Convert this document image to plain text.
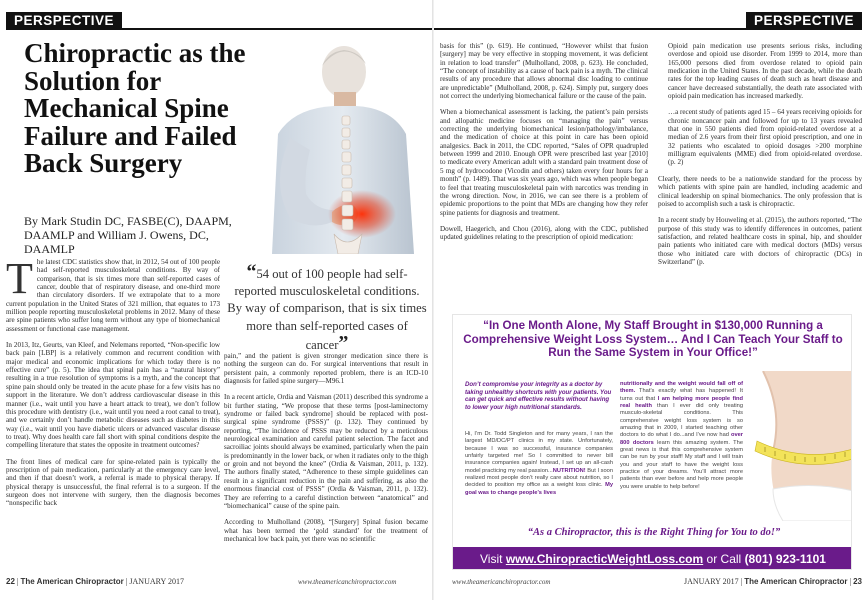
PERSPECTIVE
Chiropractic as the Solution for Mechanical Spine Failure and Failed Back Surgery
By Mark Studin DC, FASBE(C), DAAPM, DAAMLP and William J. Owens, DC, DAAMLP

The latest CDC statistics show that, in 2012, 54 out of 100 people had self-reported musculoskeletal conditions. By way of comparison, that is six times more than self-reported cases of cancer, double that of respiratory disease, and one-third more than circulatory disorders. If we extrapolate that to a more current population in the United States of 321 million, that equates to 173 million people reporting musculoskeletal problems in 2012. Many of these are spine patients who suffer long term without any type of biomechanical assessment or functional case management.

In 2013, Itz, Geurts, van Kleef, and Nelemans reported, “Non-specific low back pain [LBP] is a relatively common and recurrent condition with major medical and economic implications for which today there is no effective cure” (p. 5). The idea that spinal pain has a “natural history” resulting in a true resolution of symptoms is a myth, and the concept that spine pain should only be treated in the acute phase for a few visits has no support in the literature. We don’t address cardiovascular disease in this manner (i.e., wait until you have a heart attack to treat), we don’t follow this procedure with dentistry (i.e., wait until you need a root canal to treat), and we certainly don’t handle metabolic diseases such as diabetes in this way (i.e., wait until you have diabetic ulcers or advanced vascular disease to treat). Why does health care fall short with spinal conditions despite the compelling literature that states the opposite in treatment outcomes?

The front lines of medical care for spine-related pain is typically the prescription of pain medication, particularly at the emergency care level, and then if that doesn’t work, a referral is made to physical therapy. If physical therapy is unsuccessful, the final referral is to a surgeon. If the surgeon does not intervene with surgery, then the diagnosis becomes “nonspecific back

“54 out of 100 people had self-reported musculoskeletal conditions. By way of comparison, that is six times more than self-reported cases of cancer”

pain,” and the patient is given stronger medication since there is nothing the surgeon can do. For surgical interventions that result in persistent pain, a commonly reported problem, there is an ICD-10 diagnosis for failed spine surgery—M96.1

In a recent article, Ordia and Vaisman (2011) described this syndrome a bit further stating, “We propose that these terms [post-laminectomy syndrome or failed back syndrome] should be replaced with post-surgical spine syndrome (PSSS)” (p. 132). They continued by reporting, “The incidence of PSSS may be reduced by a meticulous neurological examination and careful patient selection. The facet and sacroiliac joints should always be examined, particularly when the pain is predominantly in the lower back, or when it radiates only to the thigh or groin and not beyond the knee” (Ordia & Vaisman, 2011, p. 132). The authors finally stated, “Adherence to these simple guidelines can result in a significant reduction in the pain and suffering, as also the enormous financial cost of PSSS” (Ordia & Vaisman, 2011, p. 132). They are referring to a careful distinction between “anatomical” and “biomechanical” cause of the spine pain.

According to Mulholland (2008), “[Surgery] Spinal fusion became what has been termed the ‘gold standard’ for the treatment of mechanical low back pain, yet there was no scientific

22 | The American Chiropractor | JANUARY 2017	www.theamericanchiropractor.com
PERSPECTIVE

basis for this” (p. 619). He continued, “However whilst that fusion [surgery] may be very effective in stopping movement, it was deficient in relation to load transfer” (Mulholland, 2008, p. 623). He concluded, “The concept of instability as a cause of back pain is a myth. The clinical results of any procedure that allows abnormal disc loading to continue are unpredictable” (Mulholland, 2008, p. 624). Simply put, surgery does not correct the underlying biomechanical failure or the cause of the pain.

When a biomechanical assessment is lacking, the patient’s pain persists and allopathic medicine focuses on “managing the pain” versus correcting the underlying biomechanical lesion/pathology/imbalance, and the medication of choice at this point in care has been opioid analgesics. Back in 2011, the CDC reported, “Sales of OPR quadrupled between 1999 and 2010. Enough OPR were prescribed last year [2010] to medicate every American adult with a standard pain treatment dose of 5 mg of hydrocodone (Vicodin and others) taken every four hours for a month” (p. 1489). That was six years ago, which was when people began to feel that treating musculoskeletal pain with narcotics was trending in the wrong direction. Now, in 2016, we can see there is a problem of epidemic proportions to the point that MDs are changing how they refer spine patients for diagnosis and treatment.

Dowell, Haegerich, and Chou (2016), along with the CDC, published updated guidelines relating to the prescription of opioid medication:

Opioid pain medication use presents serious risks, including overdose and opioid use disorder. From 1999 to 2014, more than 165,000 persons died from overdose related to opioid pain medication in the United States. In the past decade, while the death rates for the top leading causes of death such as heart disease and cancer have decreased substantially, the death rate associated with opioid pain medication has increased markedly.

…a recent study of patients aged 15 – 64 years receiving opioids for chronic noncancer pain and followed for up to 13 years revealed that one in 550 patients died from opioid-related overdose at a median of 2.6 years from their first opioid prescription, and one in 32 patients who escalated to opioid dosages >200 morphine milligram equivalents (MME) died from opioid-related overdose. (p. 2)

Clearly, there needs to be a nationwide standard for the process by which patients with spine pain are handled, including academic and clinical leadership on spinal biomechanics. The only profession that is poised to accomplish such a task is chiropractic.

In a recent study by Houweling et al. (2015), the authors reported, “The purpose of this study was to identify differences in outcomes, patient satisfaction, and related healthcare costs in spinal, hip, and shoulder pain patients who initiated care with medical doctors (MDs) versus those who initiated care with doctors of chiropractic (DCs) in Switzerland” (p.

JANUARY 2017 | The American Chiropractor | 23
www.theamericanchiropractor.com
“In One Month Alone, My Staff Brought in $130,000 Running a Comprehensive Weight Loss System… And I Can Teach Your Staff to Run the Same System in Your Office!”
Don’t compromise your integrity as a doctor by taking unhealthy shortcuts with your patients. You can get quick and effective results without having to lower your high nutritional standards.
Hi, I’m Dr. Todd Singleton and for many years, I ran the largest MD/DC/PT clinics in my state. Unfortunately, because I was so successful, insurance companies unfairly targeted me! So I committed to never bill insurance companies again! Instead, I set up an all-cash model practicing my real passion...NUTRITION! But I soon realized most people don’t really care about nutrition, so I decided to position my office as a weight loss clinic. My goal was to change people’s lives
nutritionally and the weight would fall off of them. That’s exactly what has happened! It turns out that I am helping more people find real health than I ever did only treating musculo-skeletal conditions. This comprehensive weight loss system is so amazing that in 2009, I started teaching other doctors to do what I do...and I’ve now had over 800 doctors learn this amazing system. The great news is that this comprehensive system can be run by your staff! My staff and I will train you and your staff to have the weight loss practice of your dreams. You’ll attract more patients than ever before and help more people you were unable to help before!
“As a Chiropractor, this is the Right Thing for You to do!”
Visit www.ChiropracticWeightLoss.com or Call (801) 923-1101
